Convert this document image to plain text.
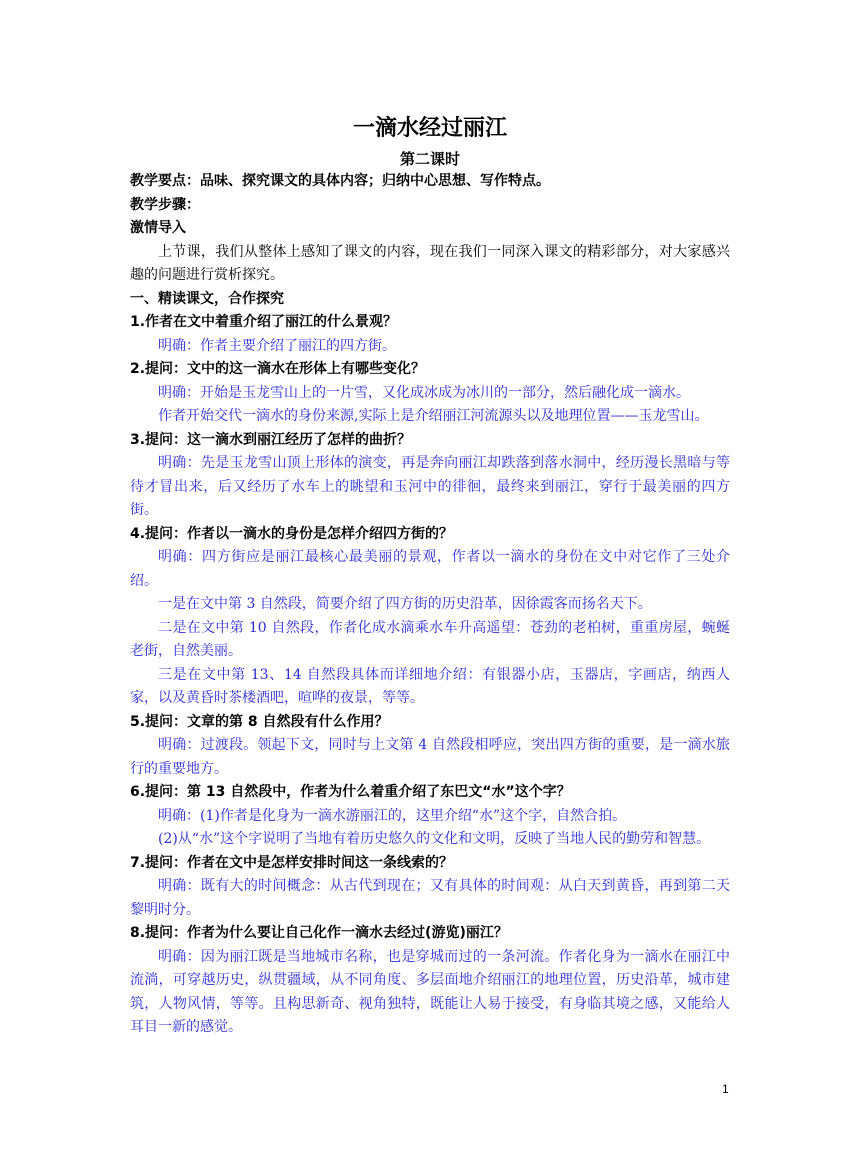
一滴水经过丽江
第二课时
教学要点：品味、探究课文的具体内容；归纳中心思想、写作特点。
教学步骤：
激情导入
上节课，我们从整体上感知了课文的内容，现在我们一同深入课文的精彩部分，对大家感兴趣的问题进行赏析探究。
一、精读课文，合作探究
1.作者在文中着重介绍了丽江的什么景观？
明确：作者主要介绍了丽江的四方街。
2.提问：文中的这一滴水在形体上有哪些变化？
明确：开始是玉龙雪山上的一片雪，又化成冰成为冰川的一部分，然后融化成一滴水。
作者开始交代一滴水的身份来源,实际上是介绍丽江河流源头以及地理位置——玉龙雪山。
3.提问：这一滴水到丽江经历了怎样的曲折？
明确：先是玉龙雪山顶上形体的演变，再是奔向丽江却跌落到落水洞中，经历漫长黑暗与等待才冒出来，后又经历了水车上的眺望和玉河中的徘徊，最终来到丽江，穿行于最美丽的四方街。
4.提问：作者以一滴水的身份是怎样介绍四方街的？
明确：四方街应是丽江最核心最美丽的景观，作者以一滴水的身份在文中对它作了三处介绍。
一是在文中第 3 自然段，简要介绍了四方街的历史沿革，因徐霞客而扬名天下。
二是在文中第 10 自然段，作者化成水滴乘水车升高遥望：苍劲的老柏树，重重房屋，蜿蜒老街，自然美丽。
三是在文中第 13、14 自然段具体而详细地介绍：有银器小店，玉器店，字画店，纳西人家，以及黄昏时茶楼酒吧，喧哗的夜景，等等。
5.提问：文章的第 8 自然段有什么作用？
明确：过渡段。领起下文，同时与上文第 4 自然段相呼应，突出四方街的重要，是一滴水旅行的重要地方。
6.提问：第 13 自然段中，作者为什么着重介绍了东巴文“水”这个字？
明确：(1)作者是化身为一滴水游丽江的，这里介绍“水”这个字，自然合拍。
(2)从“水”这个字说明了当地有着历史悠久的文化和文明，反映了当地人民的勤劳和智慧。
7.提问：作者在文中是怎样安排时间这一条线索的？
明确：既有大的时间概念：从古代到现在；又有具体的时间观：从白天到黄昏，再到第二天黎明时分。
8.提问：作者为什么要让自己化作一滴水去经过(游览)丽江？
明确：因为丽江既是当地城市名称，也是穿城而过的一条河流。作者化身为一滴水在丽江中流淌，可穿越历史，纵贯疆域，从不同角度、多层面地介绍丽江的地理位置，历史沿革，城市建筑，人物风情，等等。且构思新奇、视角独特，既能让人易于接受，有身临其境之感，又能给人耳目一新的感觉。
1
